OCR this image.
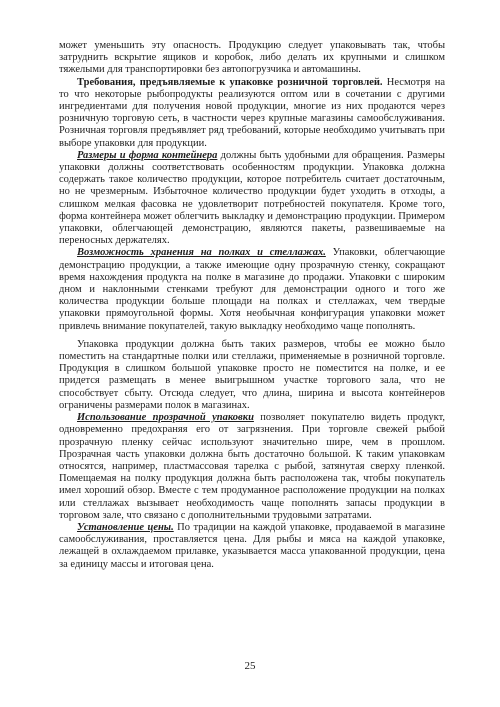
может уменьшить эту опасность. Продукцию следует упаковывать так, чтобы затруднить вскрытие ящиков и коробок, либо делать их крупными и слишком тяжелыми для транспортировки без автопогрузчика и автомашины.

Требования, предъявляемые к упаковке розничной торговлей. Несмотря на то что некоторые рыбопродукты реализуются оптом или в сочетании с другими ингредиентами для получения новой продукции, многие из них продаются через розничную торговую сеть, в частности через крупные магазины самообслуживания. Розничная торговля предъявляет ряд требований, которые необходимо учитывать при выборе упаковки для продукции.

Размеры и форма контейнера должны быть удобными для обращения. Размеры упаковки должны соответствовать особенностям продукции. Упаковка должна содержать такое количество продукции, которое потребитель считает достаточным, но не чрезмерным. Избыточное количество продукции будет уходить в отходы, а слишком мелкая фасовка не удовлетворит потребностей покупателя. Кроме того, форма контейнера может облегчить выкладку и демонстрацию продукции. Примером упаковки, облегчающей демонстрацию, являются пакеты, развешиваемые на переносных держателях.

Возможность хранения на полках и стеллажах. Упаковки, облегчающие демонстрацию продукции, а также имеющие одну прозрачную стенку, сокращают время нахождения продукта на полке в магазине до продажи. Упаковки с широким дном и наклонными стенками требуют для демонстрации одного и того же количества продукции больше площади на полках и стеллажах, чем твердые упаковки прямоугольной формы. Хотя необычная конфигурация упаковки может привлечь внимание покупателей, такую выкладку необходимо чаще пополнять.

Упаковка продукции должна быть таких размеров, чтобы ее можно было поместить на стандартные полки или стеллажи, применяемые в розничной торговле. Продукция в слишком большой упаковке просто не поместится на полке, и ее придется размещать в менее выигрышном участке торгового зала, что не способствует сбыту. Отсюда следует, что длина, ширина и высота контейнеров ограничены размерами полок в магазинах.

Использование прозрачной упаковки позволяет покупателю видеть продукт, одновременно предохраняя его от загрязнения. При торговле свежей рыбой прозрачную пленку сейчас используют значительно шире, чем в прошлом. Прозрачная часть упаковки должна быть достаточно большой. К таким упаковкам относятся, например, пластмассовая тарелка с рыбой, затянутая сверху пленкой. Помещаемая на полку продукция должна быть расположена так, чтобы покупатель имел хороший обзор. Вместе с тем продуманное расположение продукции на полках или стеллажах вызывает необходимость чаще пополнять запасы продукции в торговом зале, что связано с дополнительными трудовыми затратами.

Установление цены. По традиции на каждой упаковке, продаваемой в магазине самообслуживания, проставляется цена. Для рыбы и мяса на каждой упаковке, лежащей в охлаждаемом прилавке, указывается масса упакованной продукции, цена за единицу массы и итоговая цена.

25
